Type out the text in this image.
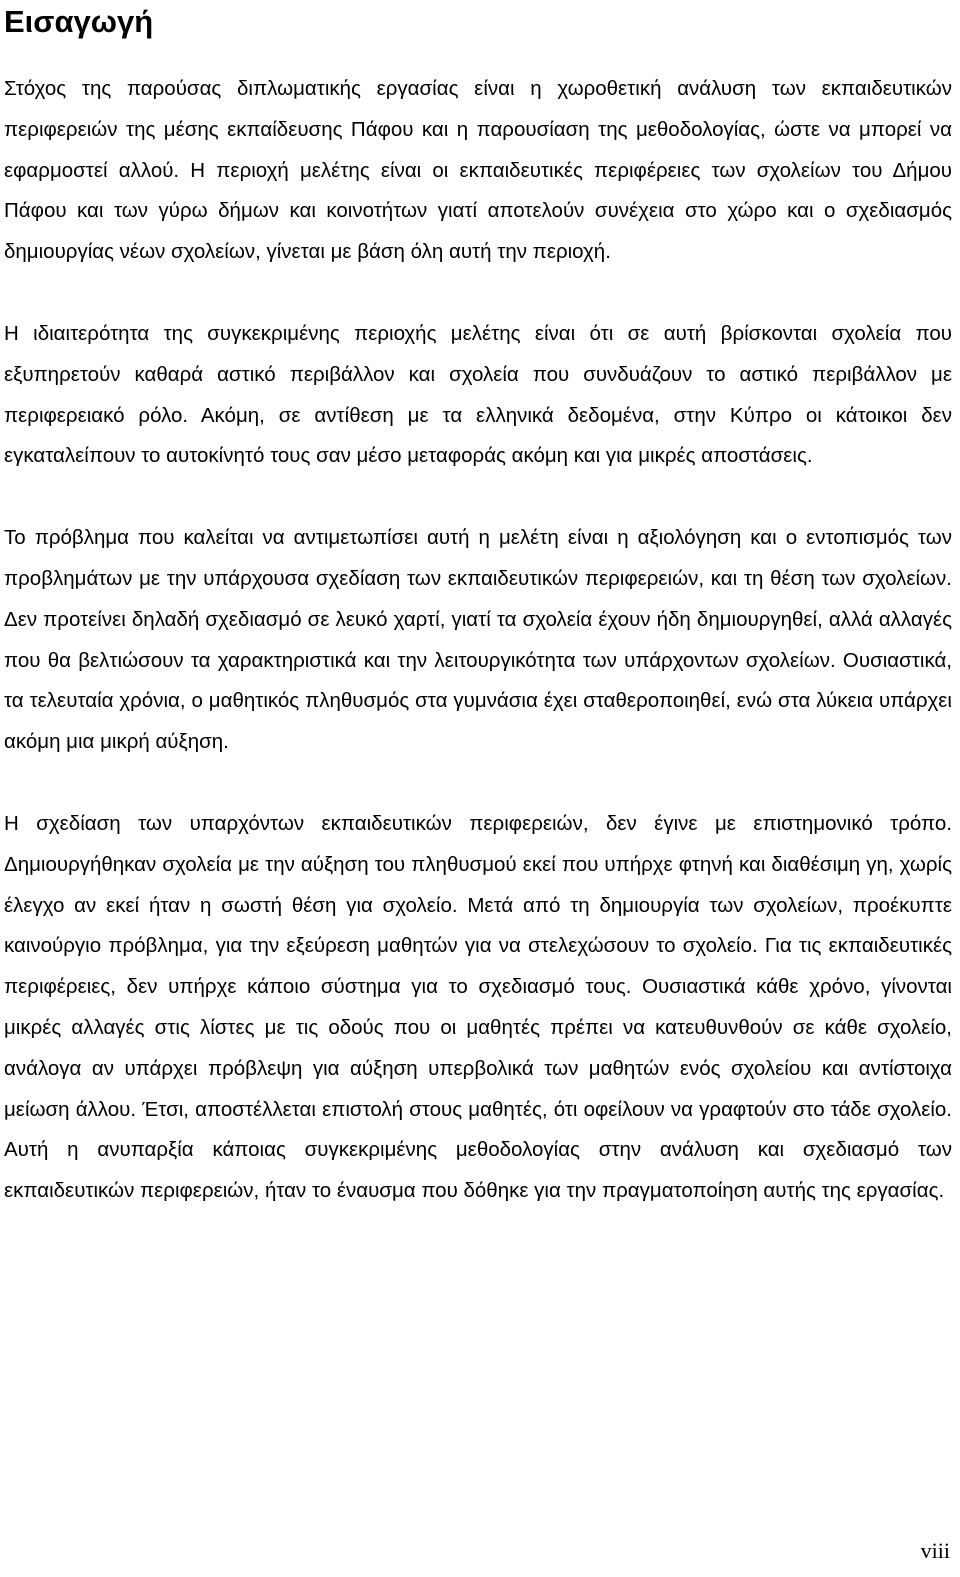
Εισαγωγή

Στόχος της παρούσας διπλωματικής εργασίας είναι η χωροθετική ανάλυση των εκπαιδευτικών περιφερειών της μέσης εκπαίδευσης Πάφου και η παρουσίαση της μεθοδολογίας, ώστε να μπορεί να εφαρμοστεί αλλού. Η περιοχή μελέτης είναι οι εκπαιδευτικές περιφέρειες των σχολείων του Δήμου Πάφου και των γύρω δήμων και κοινοτήτων γιατί αποτελούν συνέχεια στο χώρο και ο σχεδιασμός δημιουργίας νέων σχολείων, γίνεται με βάση όλη αυτή την περιοχή.

Η ιδιαιτερότητα της συγκεκριμένης περιοχής μελέτης είναι ότι σε αυτή βρίσκονται σχολεία που εξυπηρετούν καθαρά αστικό περιβάλλον και σχολεία που συνδυάζουν το αστικό περιβάλλον με περιφερειακό ρόλο. Ακόμη, σε αντίθεση με τα ελληνικά δεδομένα, στην Κύπρο οι κάτοικοι δεν εγκαταλείπουν το αυτοκίνητό τους σαν μέσο μεταφοράς ακόμη και για μικρές αποστάσεις.

Το πρόβλημα που καλείται να αντιμετωπίσει αυτή η μελέτη είναι η αξιολόγηση και ο εντοπισμός των προβλημάτων με την υπάρχουσα σχεδίαση των εκπαιδευτικών περιφερειών, και τη θέση των σχολείων. Δεν προτείνει δηλαδή σχεδιασμό σε λευκό χαρτί, γιατί τα σχολεία έχουν ήδη δημιουργηθεί, αλλά αλλαγές που θα βελτιώσουν τα χαρακτηριστικά και την λειτουργικότητα των υπάρχοντων σχολείων. Ουσιαστικά, τα τελευταία χρόνια, ο μαθητικός πληθυσμός στα γυμνάσια έχει σταθεροποιηθεί, ενώ στα λύκεια υπάρχει ακόμη μια μικρή αύξηση.

Η σχεδίαση των υπαρχόντων εκπαιδευτικών περιφερειών, δεν έγινε με επιστημονικό τρόπο. Δημιουργήθηκαν σχολεία με την αύξηση του πληθυσμού εκεί που υπήρχε φτηνή και διαθέσιμη γη, χωρίς έλεγχο αν εκεί ήταν η σωστή θέση για σχολείο. Μετά από τη δημιουργία των σχολείων, προέκυπτε καινούργιο πρόβλημα, για την εξεύρεση μαθητών για να στελεχώσουν το σχολείο. Για τις εκπαιδευτικές περιφέρειες, δεν υπήρχε κάποιο σύστημα για το σχεδιασμό τους. Ουσιαστικά κάθε χρόνο, γίνονται μικρές αλλαγές στις λίστες με τις οδούς που οι μαθητές πρέπει να κατευθυνθούν σε κάθε σχολείο, ανάλογα αν υπάρχει πρόβλεψη για αύξηση υπερβολικά των μαθητών ενός σχολείου και αντίστοιχα μείωση άλλου. Έτσι, αποστέλλεται επιστολή στους μαθητές, ότι οφείλουν να γραφτούν στο τάδε σχολείο. Αυτή η ανυπαρξία κάποιας συγκεκριμένης μεθοδολογίας στην ανάλυση και σχεδιασμό των εκπαιδευτικών περιφερειών, ήταν το έναυσμα που δόθηκε για την πραγματοποίηση αυτής της εργασίας.

viii
